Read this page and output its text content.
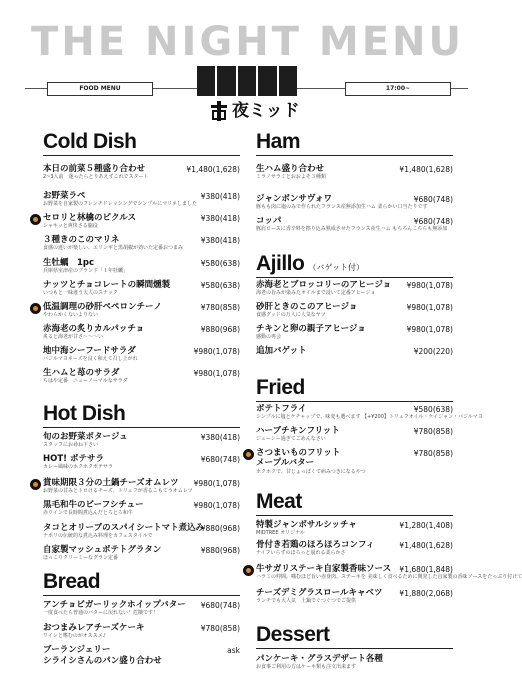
THE NIGHT MENU
FOOD MENU	17:00~
夜ミッド
Cold Dish
本日の前菜５種盛り合わせ
2~3人前　迷ったらとりあえずこれでスタート
¥1,480(1,628)
お野菜ラペ
お野菜を自家製のフレンチドレッシングでシンプルにマリネしました
¥380(418)
セロリと林檎のピクルス
シャキッと爽快さる脇役
¥380(418)
３種きのこのマリネ
食感の違いが楽しい、エリンギと黒胡椒が効いた定番おつまみ
¥380(418)
生牡蠣　1pc
兵庫県室津産のブランド「１年牡蠣」
¥580(638)
ナッツとチョコレートの瞬間燻製
いつもと一味違う大人のスナック
¥580(638)
低温調理の砂肝ペペロンチーノ
やわらかくないよりない
¥780(858)
赤海老の炙りカルパッチョ
炙ると海老が甘さ〜〜〜い
¥880(968)
地中海シーフードサラダ
バジルマヨネーズを良く和えて召し上がれ
¥980(1,078)
生ハムと苺のサラダ
ちはや定番　ニューノーマルなサラダ
¥980(1,078)
Hot Dish
旬のお野菜ポタージュ
スタッフにお尋ね下さい
¥380(418)
HOT! ポテサラ
カレー風味のホクホクポテサラ
¥680(748)
賞味期限３分の土鍋チーズオムレツ
お野菜の甘みとトロけるチーズ、トリュフが香るこもてうオムレツ
¥980(1,078)
黒毛和牛のビーフシチュー
赤ワインで長時間煮込んだとろとろ和牛
¥980(1,078)
タコとオリーブのスパイシートマト煮込み
ナポリの伝統的な煮込み料理をカフェスタイルで
¥880(968)
自家製マッシュポテトグラタン
ほっこりクリーミーなグラン定番
¥880(968)
Bread
アンチョビガーリックホイップバター
一度食べたら普通のバターに戻れない！危険です！
¥680(748)
おつまみレアチーズケーキ
ワインと嗜むのがオススメ♪
¥780(858)
ブーランジェリー	ask
シライシさんのパン盛り合わせ
Ham
生ハム盛り合わせ
ミラノサラミとおおよそ３種類
¥1,480(1,628)
ジャンボンサヴォワ
豚もも肉に塩のみで作られたフランス産無添加生ハム 柔らかい口当たりです
¥680(748)
コッパ
豚肩ロースに香辛料を擦り込み熟成させたフランス産生ハム もちろんこちらも無添加
¥680(748)
Ajillo （バゲット付）
赤海老とブロッコリーのアヒージョ
海老の旨みが染みたオイルまで浸いて定番アヒージョ
¥980(1,078)
砂肝ときのこのアヒージョ
食感グッドの万人に人気なヤツ
¥980(1,078)
チキンと卵の親子アヒージョ
感動の再会
¥980(1,078)
追加バゲット	¥200(220)
Fried
ポテトフライ
シンプルに塩とケチャップで、味変も選べます 【+¥200】トリュフオイル・ケイジャン・バジルマヨ
¥580(638)
ハーブチキンフリット
ジューシー過ぎてごめんなさい
¥780(858)
さつまいものフリット
メープルバター
ホクホクで、甘じょっぱくて病みつきになるやつ
¥780(858)
Meat
特製ジャンボサルシッチャ
MIDTREE オリジナル
¥1,280(1,408)
骨付き若鶏のほろほろコンフィ
ナイフいらずのほろっと崩れる柔らかさ
¥1,480(1,628)
牛サガリステーキ自家製香味ソース
ハラミの仲間。噛むほど旨い赤身肉。ステーキを 美味しく食べるために開発した自家製の香味ソースをたっぷり付けて
¥1,680(1,848)
チーズデミグラスロールキャベツ
ランチでも大人気　土鍋でぐつぐつでご提供
¥1,880(2,068)
Dessert
パンケーキ・グラスデザート各種
お食事ご利用の方はケーキ類も注文出来ます
